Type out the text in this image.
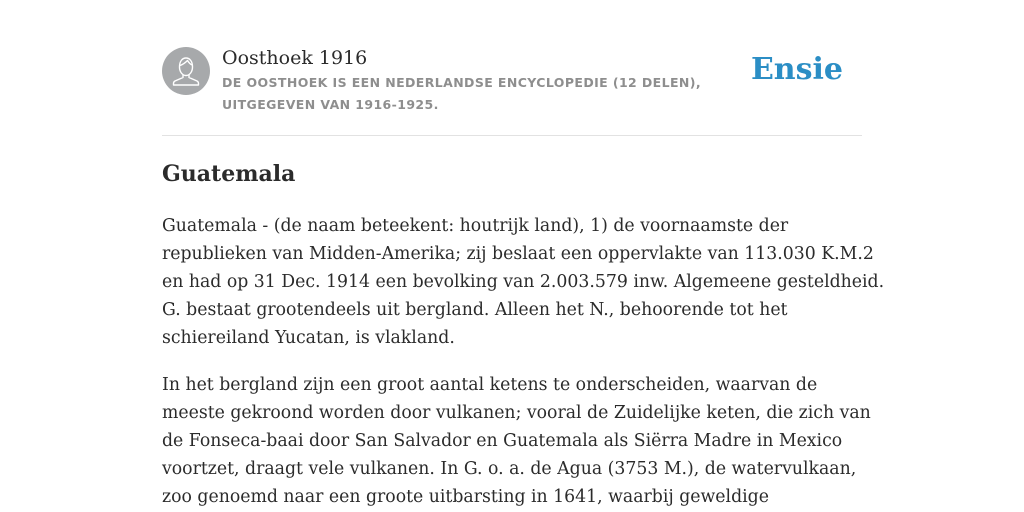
Oosthoek 1916
DE OOSTHOEK IS EEN NEDERLANDSE ENCYCLOPEDIE (12 DELEN), UITGEGEVEN VAN 1916-1925.
Ensie
Guatemala

Guatemala - (de naam beteekent: houtrijk land), 1) de voornaamste der
republieken van Midden-Amerika; zij beslaat een oppervlakte van 113.030 K.M.2
en had op 31 Dec. 1914 een bevolking van 2.003.579 inw. Algemeene gesteldheid.
G. bestaat grootendeels uit bergland. Alleen het N., behoorende tot het
schiereiland Yucatan, is vlakland.

In het bergland zijn een groot aantal ketens te onderscheiden, waarvan de
meeste gekroond worden door vulkanen; vooral de Zuidelijke keten, die zich van
de Fonseca-baai door San Salvador en Guatemala als Siërra Madre in Mexico
voortzet, draagt vele vulkanen. In G. o. a. de Agua (3753 M.), de watervulkaan,
zoo genoemd naar een groote uitbarsting in 1641, waarbij geweldige
